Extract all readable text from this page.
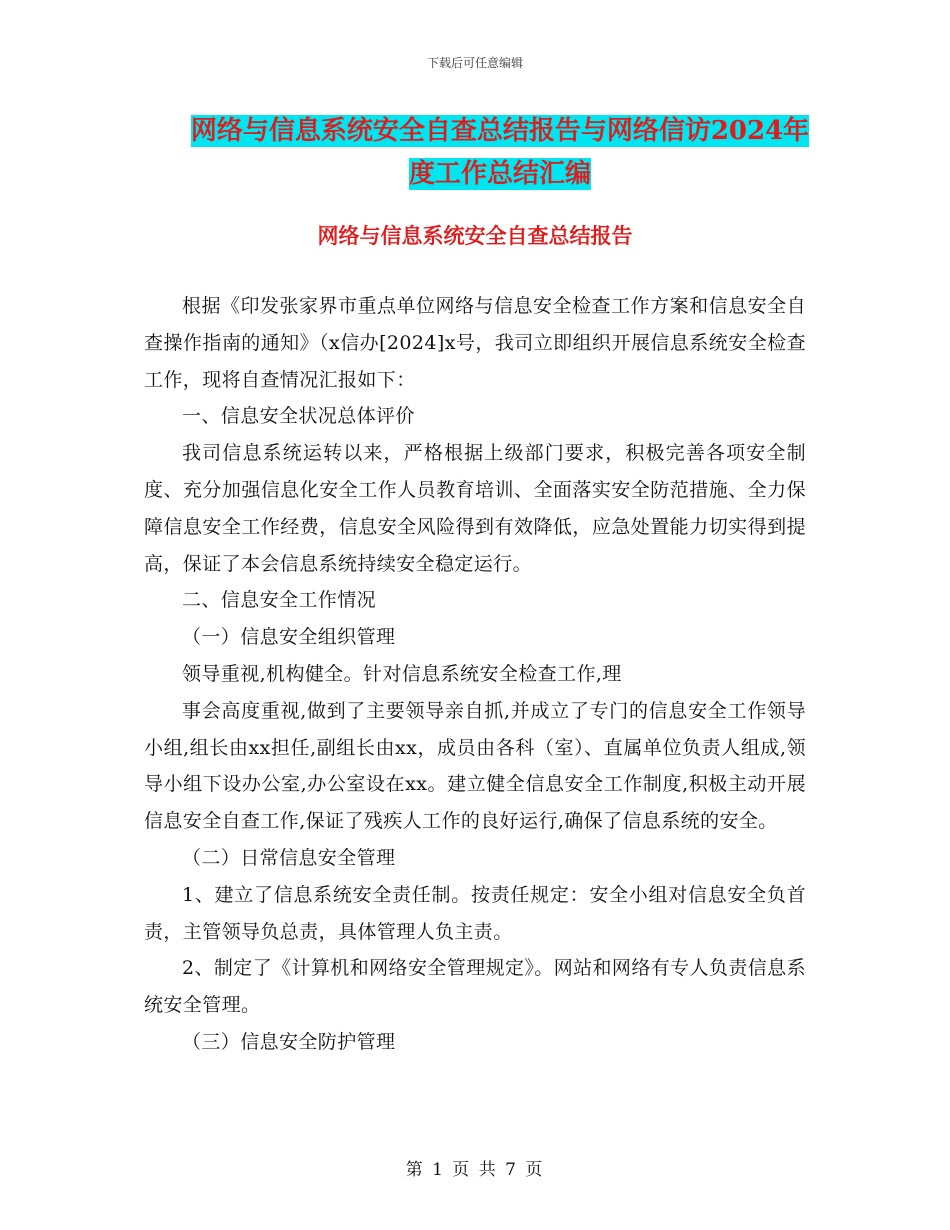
下载后可任意编辑
网络与信息系统安全自查总结报告与网络信访2024年
度工作总结汇编
网络与信息系统安全自查总结报告

根据《印发张家界市重点单位网络与信息安全检查工作方案和信息安全自查操作指南的通知》（x信办[2024]x号，我司立即组织开展信息系统安全检查工作，现将自查情况汇报如下：

一、信息安全状况总体评价

我司信息系统运转以来，严格根据上级部门要求，积极完善各项安全制度、充分加强信息化安全工作人员教育培训、全面落实安全防范措施、全力保障信息安全工作经费，信息安全风险得到有效降低，应急处置能力切实得到提高，保证了本会信息系统持续安全稳定运行。

二、信息安全工作情况

（一）信息安全组织管理

领导重视,机构健全。针对信息系统安全检查工作,理

事会高度重视,做到了主要领导亲自抓,并成立了专门的信息安全工作领导小组,组长由xx担任,副组长由xx，成员由各科（室）、直属单位负责人组成,领导小组下设办公室,办公室设在xx。建立健全信息安全工作制度,积极主动开展信息安全自查工作,保证了残疾人工作的良好运行,确保了信息系统的安全。

（二）日常信息安全管理

1、建立了信息系统安全责任制。按责任规定：安全小组对信息安全负首责，主管领导负总责，具体管理人负主责。

2、制定了《计算机和网络安全管理规定》。网站和网络有专人负责信息系统安全管理。

（三）信息安全防护管理

第 1 页 共 7 页
